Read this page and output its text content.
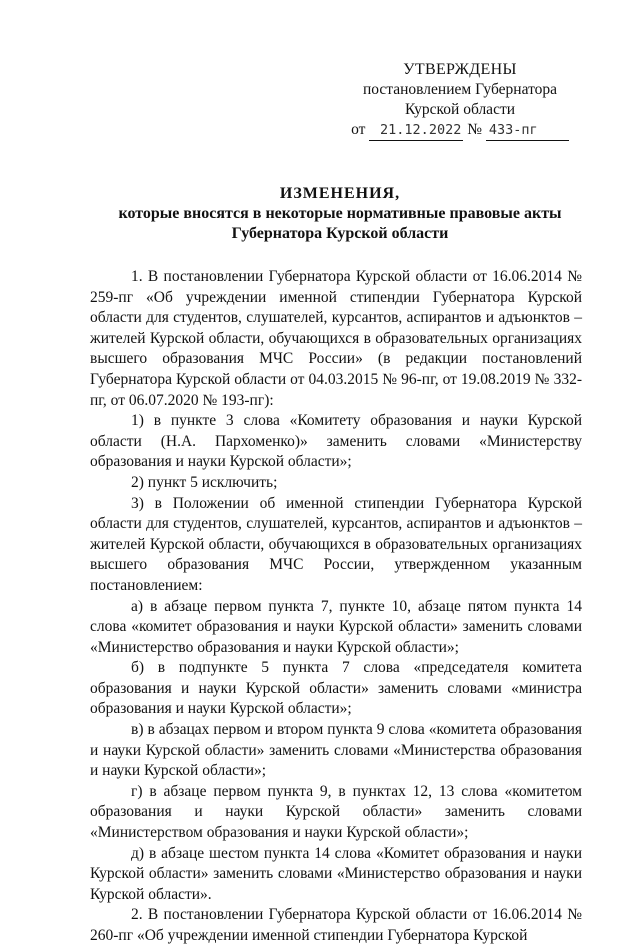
УТВЕРЖДЕНЫ
постановлением Губернатора
Курской области
от 21.12.2022 № 433-пг
ИЗМЕНЕНИЯ,
которые вносятся в некоторые нормативные правовые акты
Губернатора Курской области

1. В постановлении Губернатора Курской области от 16.06.2014 № 259-пг «Об учреждении именной стипендии Губернатора Курской области для студентов, слушателей, курсантов, аспирантов и адъюнктов – жителей Курской области, обучающихся в образовательных организациях высшего образования МЧС России» (в редакции постановлений Губернатора Курской области от 04.03.2015 № 96-пг, от 19.08.2019 № 332-пг, от 06.07.2020 № 193-пг):

1) в пункте 3 слова «Комитету образования и науки Курской области (Н.А. Пархоменко)» заменить словами «Министерству образования и науки Курской области»;

2) пункт 5 исключить;

3) в Положении об именной стипендии Губернатора Курской области для студентов, слушателей, курсантов, аспирантов и адъюнктов – жителей Курской области, обучающихся в образовательных организациях высшего образования МЧС России, утвержденном указанным постановлением:

а) в абзаце первом пункта 7, пункте 10, абзаце пятом пункта 14 слова «комитет образования и науки Курской области» заменить словами «Министерство образования и науки Курской области»;

б) в подпункте 5 пункта 7 слова «председателя комитета образования и науки Курской области» заменить словами «министра образования и науки Курской области»;

в) в абзацах первом и втором пункта 9 слова «комитета образования и науки Курской области» заменить словами «Министерства образования и науки Курской области»;

г) в абзаце первом пункта 9, в пунктах 12, 13 слова «комитетом образования и науки Курской области» заменить словами «Министерством образования и науки Курской области»;

д) в абзаце шестом пункта 14 слова «Комитет образования и науки Курской области» заменить словами «Министерство образования и науки Курской области».

2. В постановлении Губернатора Курской области от 16.06.2014 № 260-пг «Об учреждении именной стипендии Губернатора Курской
